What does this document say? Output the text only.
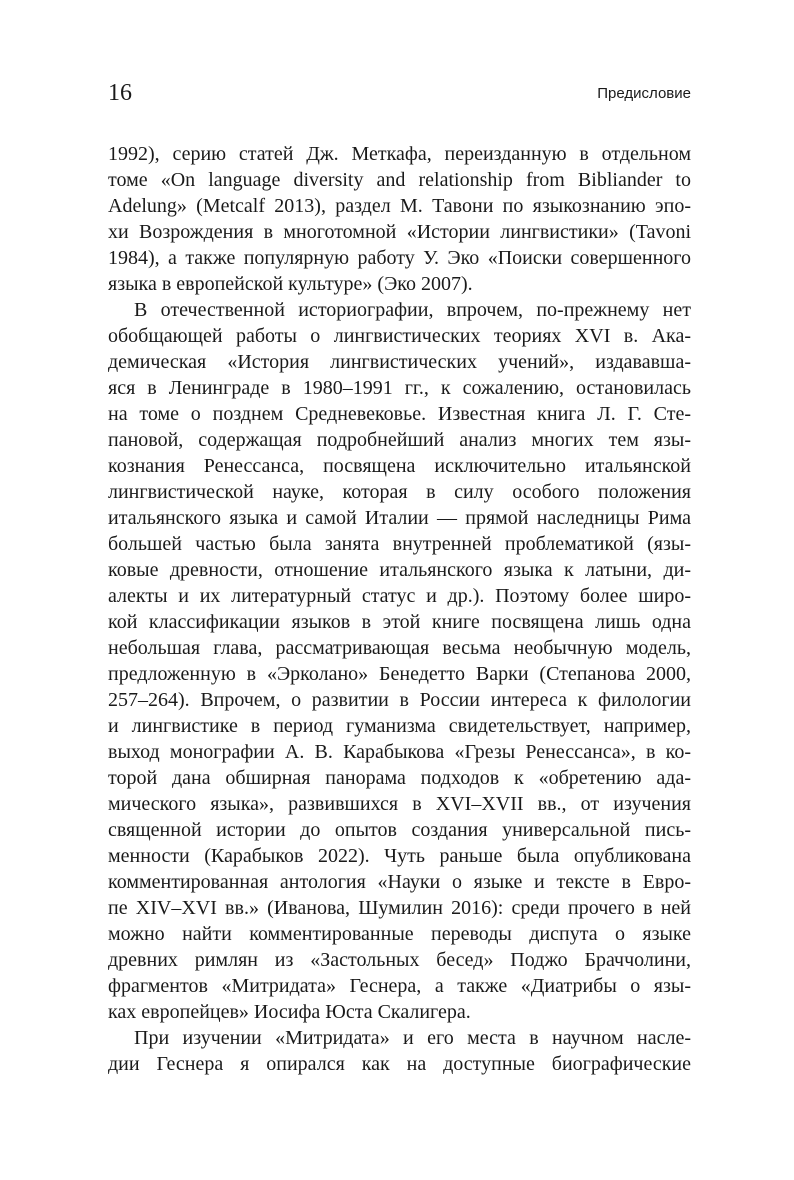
16	Предисловие

1992), серию статей Дж. Меткафа, переизданную в отдельном

томе «On language diversity and relationship from Bibliander to

Adelung» (Metcalf 2013), раздел М. Тавони по языкознанию эпо-

хи Возрождения в многотомной «Истории лингвистики» (Tavoni

1984), а также популярную работу У. Эко «Поиски совершенного

языка в европейской культуре» (Эко 2007).

В отечественной историографии, впрочем, по-прежнему нет

обобщающей работы о лингвистических теориях XVI в. Ака-

демическая «История лингвистических учений», издававша-

яся в Ленинграде в 1980–1991 гг., к сожалению, остановилась

на томе о позднем Средневековье. Известная книга Л. Г. Сте-

пановой, содержащая подробнейший анализ многих тем язы-

кознания Ренессанса, посвящена исключительно итальянской

лингвистической науке, которая в силу особого положения

итальянского языка и самой Италии — прямой наследницы Рима

большей частью была занята внутренней проблематикой (язы-

ковые древности, отношение итальянского языка к латыни, ди-

алекты и их литературный статус и др.). Поэтому более широ-

кой классификации языков в этой книге посвящена лишь одна

небольшая глава, рассматривающая весьма необычную модель,

предложенную в «Эрколано» Бенедетто Варки (Степанова 2000,

257–264). Впрочем, о развитии в России интереса к филологии

и лингвистике в период гуманизма свидетельствует, например,

выход монографии А. В. Карабыкова «Грезы Ренессанса», в ко-

торой дана обширная панорама подходов к «обретению ада-

мического языка», развившихся в XVI–XVII вв., от изучения

священной истории до опытов создания универсальной пись-

менности (Карабыков 2022). Чуть раньше была опубликована

комментированная антология «Науки о языке и тексте в Евро-

пе XIV–XVI вв.» (Иванова, Шумилин 2016): среди прочего в ней

можно найти комментированные переводы диспута о языке

древних римлян из «Застольных бесед» Поджо Браччолини,

фрагментов «Митридата» Геснера, а также «Диатрибы о язы-

ках европейцев» Иосифа Юста Скалигера.

При изучении «Митридата» и его места в научном насле-

дии Геснера я опирался как на доступные биографические
